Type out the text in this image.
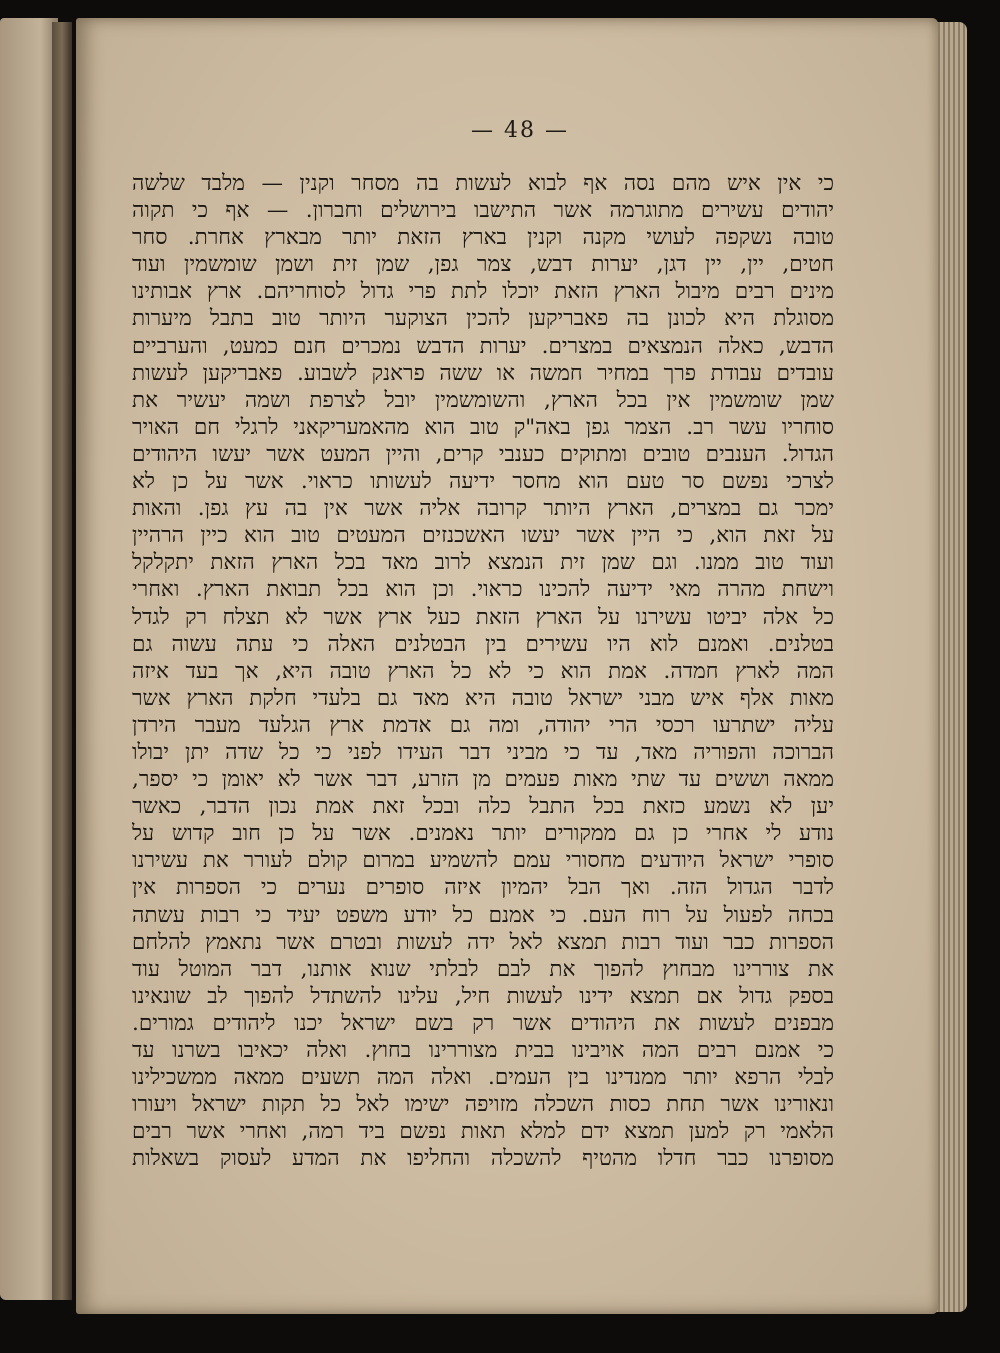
— 48 —
כי אין איש מהם נסה אף לבוא לעשות בה מסחר וקנין — מלבד שלשה
יהודים עשירים מתוגרמה אשר התישבו בירושלים וחברון. — אף כי תקוה
טובה נשקפה לעושי מקנה וקנין בארץ הזאת יותר מבארץ אחרת. סחר
חטים, יין, יין דגן, יערות דבש, צמר גפן, שמן זית ושמן שומשמין ועוד
מינים רבים מיבול הארץ הזאת יוכלו לתת פרי גדול לסוחריהם. ארץ אבותינו
מסוגלת היא לכונן בה פאבריקען להכין הצוקער היותר טוב בתבל מיערות
הדבש, כאלה הנמצאים במצרים. יערות הדבש נמכרים חנם כמעט, והערביים
עובדים עבודת פרך במחיר חמשה או ששה פראנק לשבוע. פאבריקען לעשות
שמן שומשמין אין בכל הארץ, והשומשמין יובל לצרפת ושמה יעשיר את
סוחריו עשר רב. הצמר גפן באה"ק טוב הוא מהאמעריקאני לרגלי חם האויר
הגדול. הענבים טובים ומתוקים כענבי קרים, והיין המעט אשר יעשו היהודים
לצרכי נפשם סר טעם הוא מחסר ידיעה לעשותו כראוי. אשר על כן לא
ימכר גם במצרים, הארץ היותר קרובה אליה אשר אין בה עץ גפן. והאות
על זאת הוא, כי היין אשר יעשו האשכנזים המעטים טוב הוא כיין הרהיין
ועוד טוב ממנו. וגם שמן זית הנמצא לרוב מאד בכל הארץ הזאת יתקלקל
וישחת מהרה מאי ידיעה להכינו כראוי. וכן הוא בכל תבואת הארץ. ואחרי
כל אלה יביטו עשירנו על הארץ הזאת כעל ארץ אשר לא תצלח רק לגדל
בטלנים. ואמנם לוא היו עשירים בין הבטלנים האלה כי עתה עשוה גם
המה לארץ חמדה. אמת הוא כי לא כל הארץ טובה היא, אך בעד איזה
מאות אלף איש מבני ישראל טובה היא מאד גם בלעדי חלקת הארץ אשר
עליה ישתרעו רכסי הרי יהודה, ומה גם אדמת ארץ הגלעד מעבר הירדן
הברוכה והפוריה מאד, עד כי מביני דבר העידו לפני כי כל שדה יתן יבולו
ממאה וששים עד שתי מאות פעמים מן הזרע, דבר אשר לא יאומן כי יספר,
יען לא נשמע כזאת בכל התבל כלה ובכל זאת אמת נכון הדבר, כאשר
נודע לי אחרי כן גם ממקורים יותר נאמנים. אשר על כן חוב קדוש על
סופרי ישראל היודעים מחסורי עמם להשמיע במרום קולם לעורר את עשירנו
לדבר הגדול הזה. ואך הבל יהמיון איזה סופרים נערים כי הספרות אין
בכחה לפעול על רוח העם. כי אמנם כל יודע משפט יעיד כי רבות עשתה
הספרות כבר ועוד רבות תמצא לאל ידה לעשות ובטרם אשר נתאמץ להלחם
את צוררינו מבחוץ להפוך את לבם לבלתי שנוא אותנו, דבר המוטל עוד
בספק גדול אם תמצא ידינו לעשות חיל, עלינו להשתדל להפוך לב שונאינו
מבפנים לעשות את היהודים אשר רק בשם ישראל יכנו ליהודים גמורים.
כי אמנם רבים המה אויבינו בבית מצוררינו בחוץ. ואלה יכאיבו בשרנו עד
לבלי הרפא יותר ממנדינו בין העמים. ואלה המה תשעים ממאה ממשכילינו
ונאורינו אשר תחת כסות השכלה מזויפה ישימו לאל כל תקות ישראל ויעורו
הלאמי רק למען תמצא ידם למלא תאות נפשם ביד רמה, ואחרי אשר רבים
מסופרנו כבר חדלו מהטיף להשכלה והחליפו את המדע לעסוק בשאלות
